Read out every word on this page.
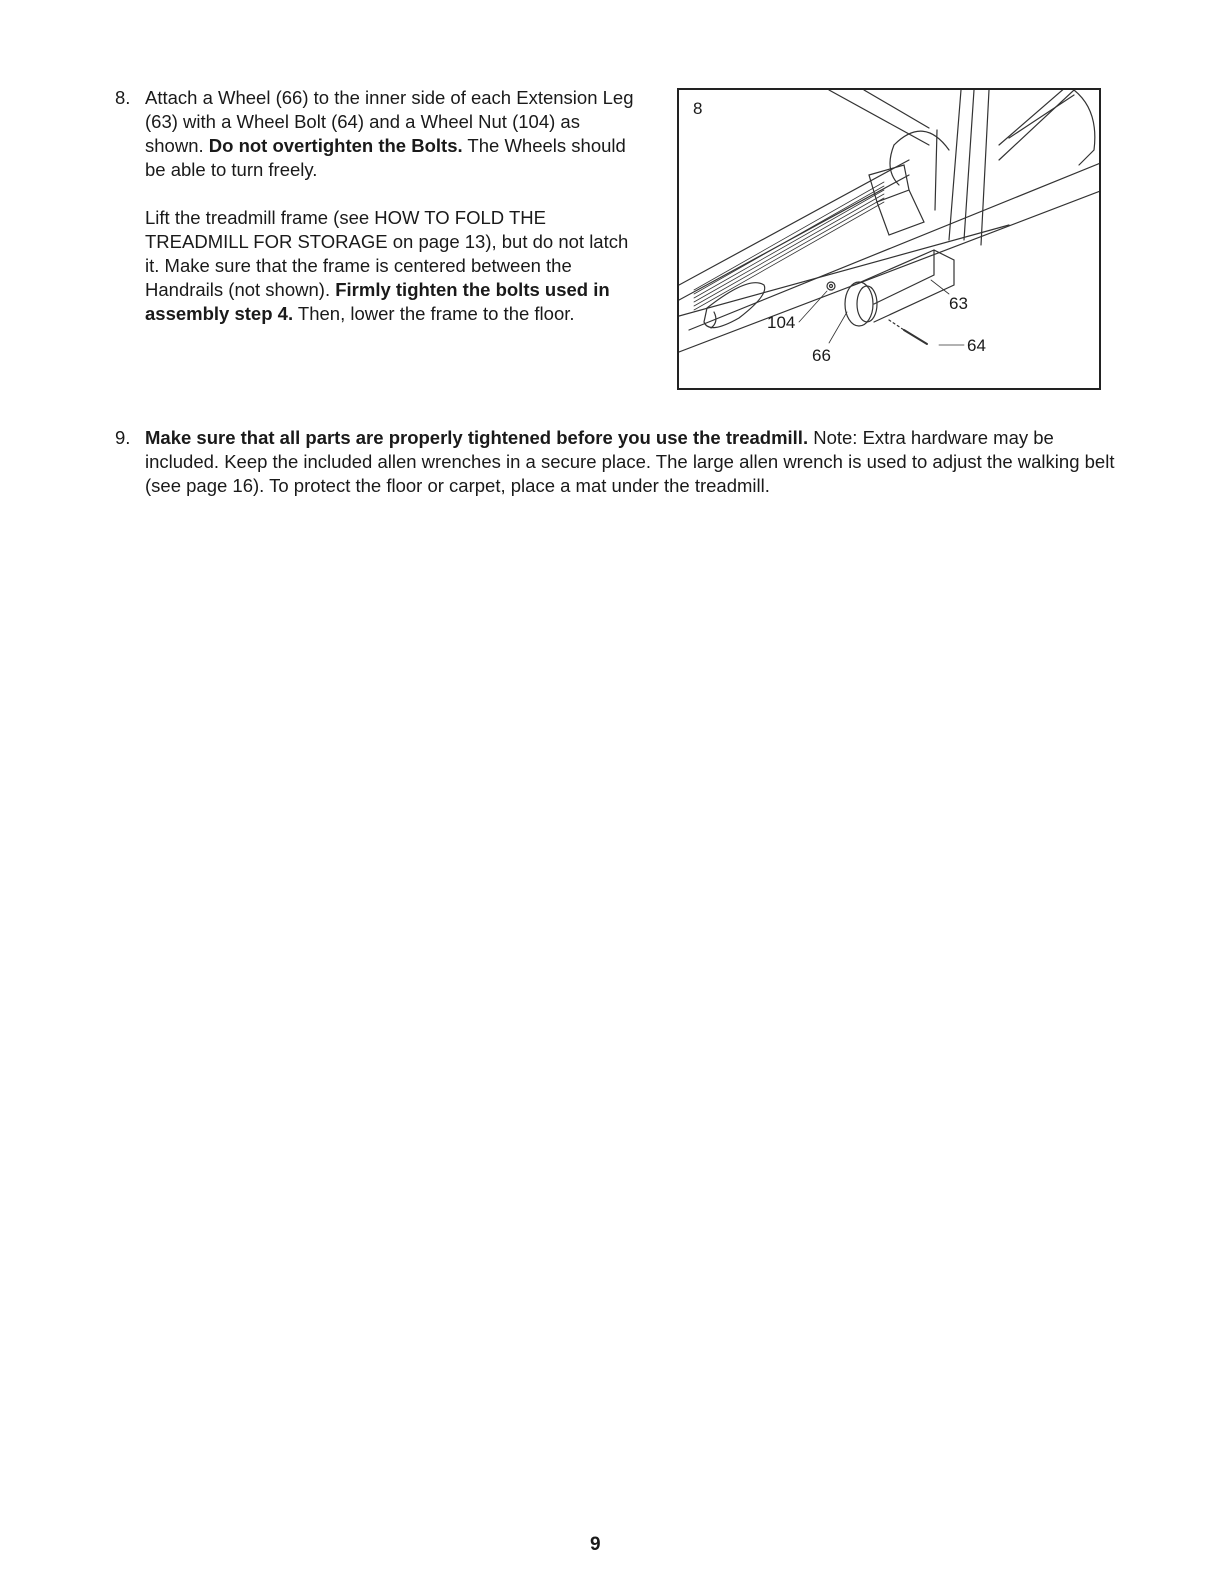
8. Attach a Wheel (66) to the inner side of each Extension Leg (63) with a Wheel Bolt (64) and a Wheel Nut (104) as shown. Do not overtighten the Bolts. The Wheels should be able to turn freely.

Lift the treadmill frame (see HOW TO FOLD THE TREADMILL FOR STORAGE on page 13), but do not latch it. Make sure that the frame is centered between the Handrails (not shown). Firmly tighten the bolts used in assembly step 4. Then, lower the frame to the floor.

8
104
66
63
64
9. Make sure that all parts are properly tightened before you use the treadmill. Note: Extra hardware may be included. Keep the included allen wrenches in a secure place. The large allen wrench is used to adjust the walking belt (see page 16). To protect the floor or carpet, place a mat under the treadmill.

9
